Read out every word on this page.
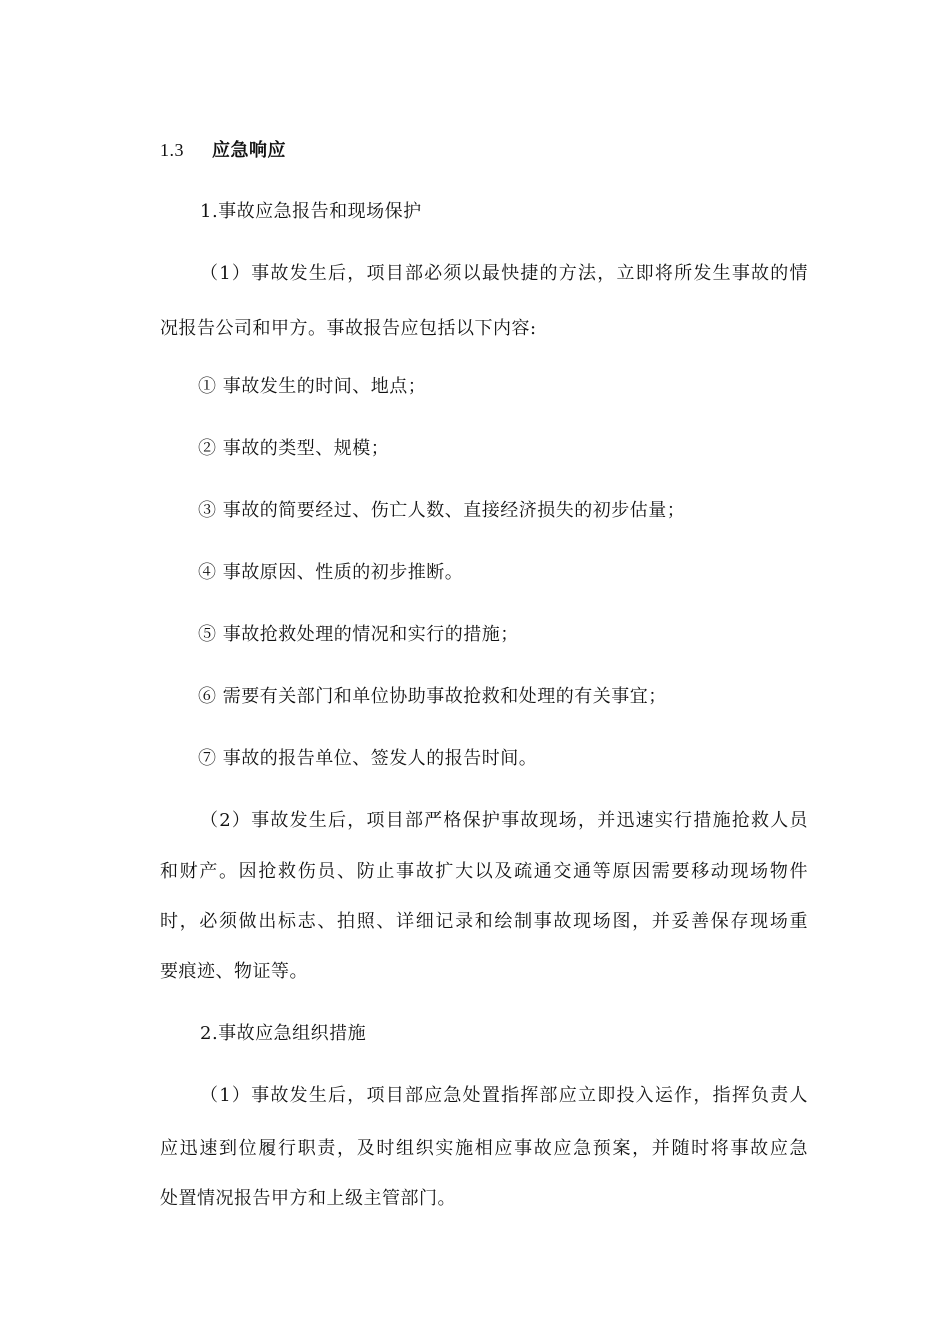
1.3	应急响应
1.事故应急报告和现场保护
（1）事故发生后，项目部必须以最快捷的方法，立即将所发生事故的情
况报告公司和甲方。事故报告应包括以下内容:
① 事故发生的时间、地点；
② 事故的类型、规模；
③ 事故的简要经过、伤亡人数、直接经济损失的初步估量；
④ 事故原因、性质的初步推断。
⑤ 事故抢救处理的情况和实行的措施；
⑥ 需要有关部门和单位协助事故抢救和处理的有关事宜；
⑦ 事故的报告单位、签发人的报告时间。
（2）事故发生后，项目部严格保护事故现场，并迅速实行措施抢救人员
和财产。因抢救伤员、防止事故扩大以及疏通交通等原因需要移动现场物件
时，必须做出标志、拍照、详细记录和绘制事故现场图，并妥善保存现场重
要痕迹、物证等。
2.事故应急组织措施
（1）事故发生后，项目部应急处置指挥部应立即投入运作，指挥负责人
应迅速到位履行职责，及时组织实施相应事故应急预案，并随时将事故应急
处置情况报告甲方和上级主管部门。
